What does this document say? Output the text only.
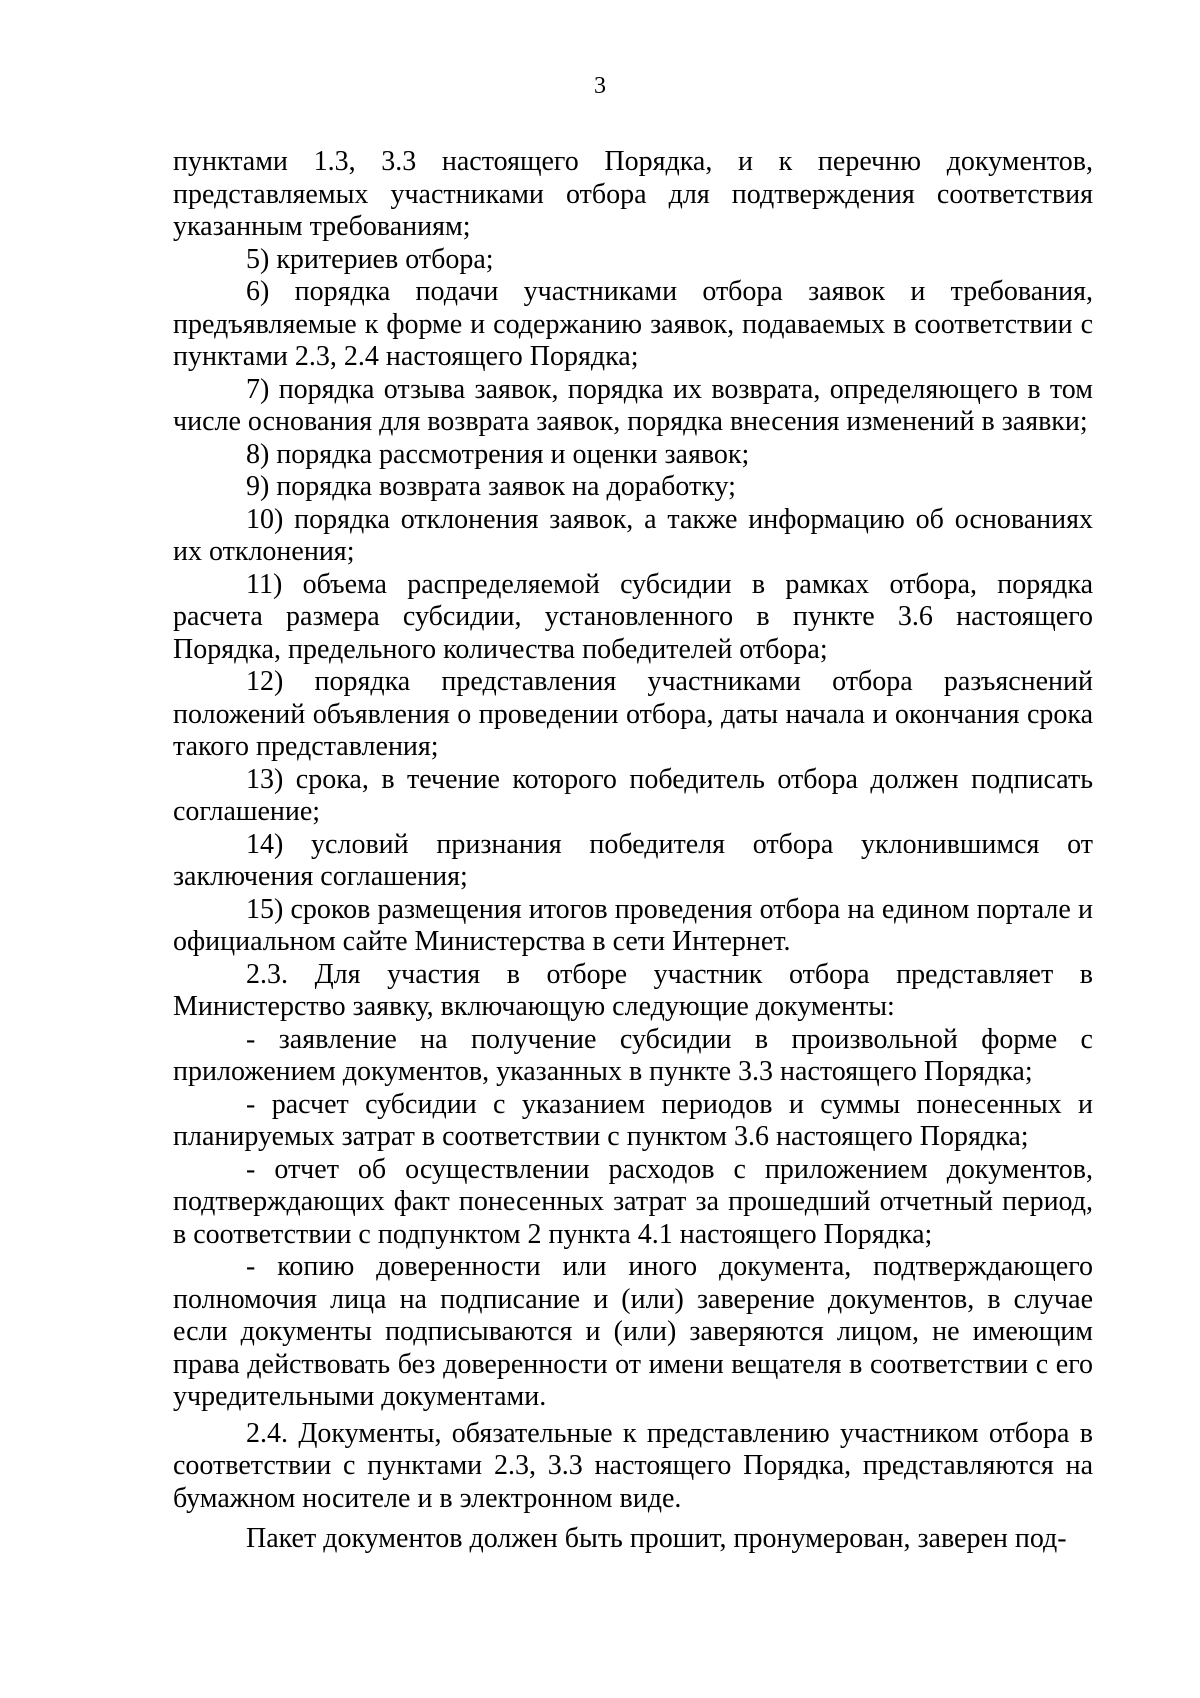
3

пунктами 1.3, 3.3 настоящего Порядка, и к перечню документов, представляемых участниками отбора для подтверждения соответствия указанным требованиям;

5) критериев отбора;

6) порядка подачи участниками отбора заявок и требования, предъявляемые к форме и содержанию заявок, подаваемых в соответствии с пунктами 2.3, 2.4 настоящего Порядка;

7) порядка отзыва заявок, порядка их возврата, определяющего в том числе основания для возврата заявок, порядка внесения изменений в заявки;

8) порядка рассмотрения и оценки заявок;

9) порядка возврата заявок на доработку;

10) порядка отклонения заявок, а также информацию об основаниях их отклонения;

11) объема распределяемой субсидии в рамках отбора, порядка расчета размера субсидии, установленного в пункте 3.6 настоящего Порядка, предельного количества победителей отбора;

12) порядка представления участниками отбора разъяснений положений объявления о проведении отбора, даты начала и окончания срока такого представления;

13) срока, в течение которого победитель отбора должен подписать соглашение;

14) условий признания победителя отбора уклонившимся от заключения соглашения;

15) сроков размещения итогов проведения отбора на едином портале и официальном сайте Министерства в сети Интернет.

2.3. Для участия в отборе участник отбора представляет в Министерство заявку, включающую следующие документы:

- заявление на получение субсидии в произвольной форме с приложением документов, указанных в пункте 3.3 настоящего Порядка;

- расчет субсидии с указанием периодов и суммы понесенных и планируемых затрат в соответствии с пунктом 3.6 настоящего Порядка;

- отчет об осуществлении расходов с приложением документов, подтверждающих факт понесенных затрат за прошедший отчетный период, в соответствии с подпунктом 2 пункта 4.1 настоящего Порядка;

- копию доверенности или иного документа, подтверждающего полномочия лица на подписание и (или) заверение документов, в случае если документы подписываются и (или) заверяются лицом, не имеющим права действовать без доверенности от имени вещателя в соответствии с его учредительными документами.

2.4. Документы, обязательные к представлению участником отбора в соответствии с пунктами 2.3, 3.3 настоящего Порядка, представляются на бумажном носителе и в электронном виде.

Пакет документов должен быть прошит, пронумерован, заверен под-
